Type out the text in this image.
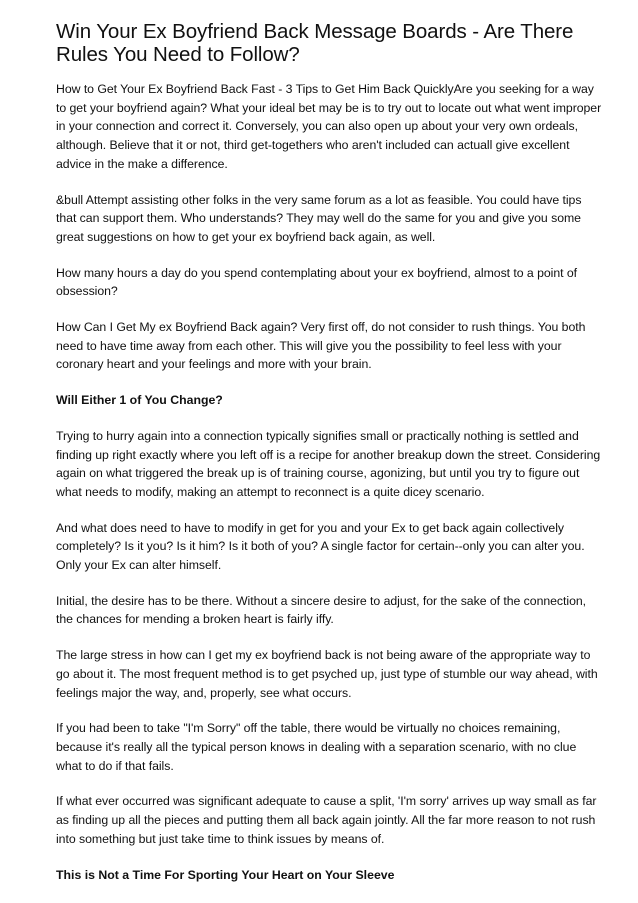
Win Your Ex Boyfriend Back Message Boards - Are There Rules You Need to Follow?

How to Get Your Ex Boyfriend Back Fast - 3 Tips to Get Him Back QuicklyAre you seeking for a way to get your boyfriend again? What your ideal bet may be is to try out to locate out what went improper in your connection and correct it. Conversely, you can also open up about your very own ordeals, although. Believe that it or not, third get-togethers who aren't included can actuall give excellent advice in the make a difference.

&bull Attempt assisting other folks in the very same forum as a lot as feasible. You could have tips that can support them. Who understands? They may well do the same for you and give you some great suggestions on how to get your ex boyfriend back again, as well.

How many hours a day do you spend contemplating about your ex boyfriend, almost to a point of obsession?

How Can I Get My ex Boyfriend Back again? Very first off, do not consider to rush things. You both need to have time away from each other. This will give you the possibility to feel less with your coronary heart and your feelings and more with your brain.

Will Either 1 of You Change?

Trying to hurry again into a connection typically signifies small or practically nothing is settled and finding up right exactly where you left off is a recipe for another breakup down the street. Considering again on what triggered the break up is of training course, agonizing, but until you try to figure out what needs to modify, making an attempt to reconnect is a quite dicey scenario.

And what does need to have to modify in get for you and your Ex to get back again collectively completely? Is it you? Is it him? Is it both of you? A single factor for certain--only you can alter you. Only your Ex can alter himself.

Initial, the desire has to be there. Without a sincere desire to adjust, for the sake of the connection, the chances for mending a broken heart is fairly iffy.

The large stress in how can I get my ex boyfriend back is not being aware of the appropriate way to go about it. The most frequent method is to get psyched up, just type of stumble our way ahead, with feelings major the way, and, properly, see what occurs.

If you had been to take "I'm Sorry" off the table, there would be virtually no choices remaining, because it's really all the typical person knows in dealing with a separation scenario, with no clue what to do if that fails.

If what ever occurred was significant adequate to cause a split, 'I'm sorry' arrives up way small as far as finding up all the pieces and putting them all back again jointly. All the far more reason to not rush into something but just take time to think issues by means of.

This is Not a Time For Sporting Your Heart on Your Sleeve
